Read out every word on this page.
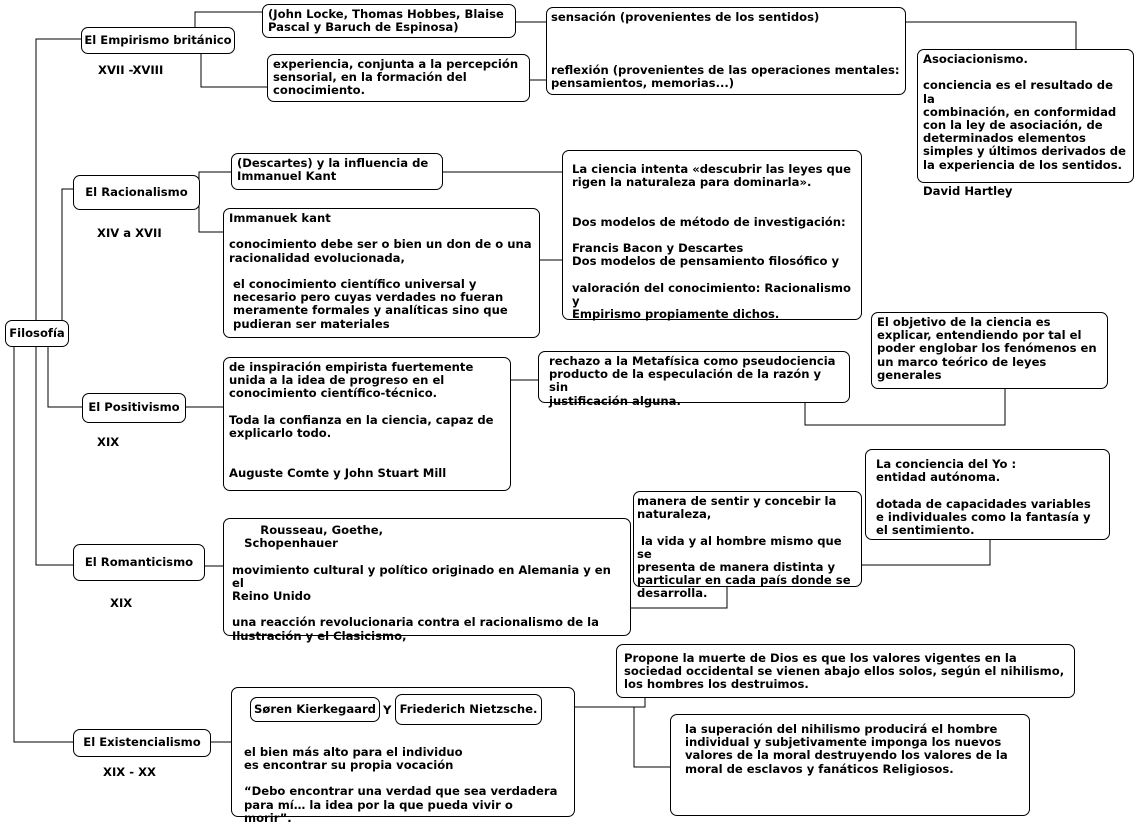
Filosofía
El Empirismo británico
XVII -XVIII
(John Locke, Thomas Hobbes, Blaise
Pascal y Baruch de Espinosa)
experiencia, conjunta a la percepción
sensorial, en la formación del
conocimiento.
sensación (provenientes de los sentidos)

reflexión (provenientes de las operaciones mentales:
pensamientos, memorias...)
Asociacionismo.

conciencia es el resultado de la
combinación, en conformidad
con la ley de asociación, de
determinados elementos
simples y últimos derivados de
la experiencia de los sentidos.

David Hartley
El Racionalismo
XIV a XVII
(Descartes) y la influencia de
Immanuel Kant
Immanuek kant

conocimiento debe ser o bien un don de o una
racionalidad evolucionada,

el conocimiento científico universal y
necesario pero cuyas verdades no fueran
meramente formales y analíticas sino que
pudieran ser materiales
La ciencia intenta «descubrir las leyes que
rigen la naturaleza para dominarla».

Dos modelos de método de investigación:

Francis Bacon y Descartes
Dos modelos de pensamiento filosófico y

valoración del conocimiento: Racionalismo y
Empirismo propiamente dichos.
El Positivismo
XIX
de inspiración empirista fuertemente
unida a la idea de progreso en el
conocimiento científico-técnico.

Toda la confianza en la ciencia, capaz de
explicarlo todo.

Auguste Comte y John Stuart Mill
rechazo a la Metafísica como pseudociencia
producto de la especulación de la razón y sin
justificación alguna.
El objetivo de la ciencia es
explicar, entendiendo por tal el
poder englobar los fenómenos en
un marco teórico de leyes
generales
El Romanticismo
XIX
Rousseau, Goethe,
Schopenhauer

movimiento cultural y político originado en Alemania y en el
Reino Unido

una reacción revolucionaria contra el racionalismo de la
Ilustración y el Clasicismo,
manera de sentir y concebir la
naturaleza,

la vida y al hombre mismo que se
presenta de manera distinta y
particular en cada país donde se
desarrolla.
La conciencia del Yo :
entidad autónoma.

dotada de capacidades variables
e individuales como la fantasía y
el sentimiento.
El Existencialismo
XIX - XX

el bien más alto para el individuo
es encontrar su propia vocación

“Debo encontrar una verdad que sea verdadera
para mí… la idea por la que pueda vivir o morir”.
Søren Kierkegaard Y Friederich Nietzsche.
Propone la muerte de Dios es que los valores vigentes en la
sociedad occidental se vienen abajo ellos solos, según el nihilismo,
los hombres los destruimos.
la superación del nihilismo producirá el hombre
individual y subjetivamente imponga los nuevos
valores de la moral destruyendo los valores de la
moral de esclavos y fanáticos Religiosos.
